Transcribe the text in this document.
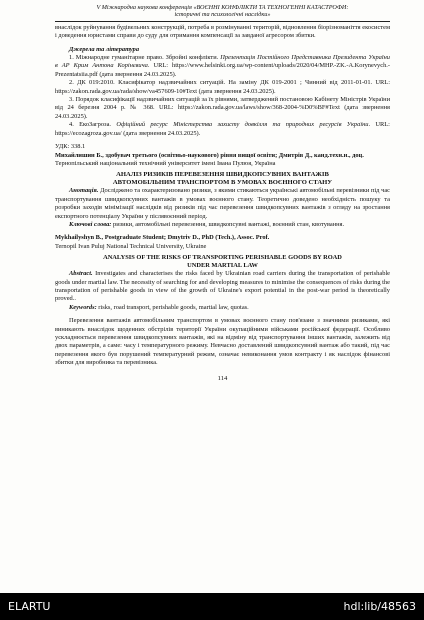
V Міжнародна наукова конференція «ВОЄННІ КОНФЛІКТИ ТА ТЕХНОГЕННІ КАТАСТРОФИ:
історичні та психологічні наслідки»

внаслідок руйнування будівельних конструкцій, потреба в розмінуванні територій, відновлення біорізноманіття екосистем і доведення юристами справи до суду для отримання компенсації за завданої агресором збитки.

Джерела та література

1. Міжнародне гуманітарне право. Збройні конфлікти. Презентація Постійного Представника Президента України в АР Крим Антона Корінєвича. URL: https://www.helsinki.org.ua/wp-content/uploads/2020/04/MHP.-ZK.-A.Korynevych.-Prezentatsiia.pdf (дата звернення 24.03.2025).

2. ДК 019:2010. Класифікатор надзвичайних ситуацій. На заміну ДК 019-2001 ; Чинний від 2011-01-01. URL: https://zakon.rada.gov.ua/rada/show/va457609-10#Text (дата звернення 24.03.2025).

3. Порядок класифікації надзвичайних ситуацій за їх рівнями, затверджений постановою Кабінету Міністрів України від 24 березня 2004 р. № 368. URL: https://zakon.rada.gov.ua/laws/show/368-2004-%D0%BF#Text (дата звернення 24.03.2025).

4. ЕкоЗагроза. Офіційний ресурс Міністерства захисту довкілля та природних ресурсів України. URL: https://ecozagroza.gov.ua/ (дата звернення 24.03.2025).

УДК: 338.1

Михайлишин Б., здобувач третього (освітньо-наукового) рівня вищої освіти; Дмитрів Д., канд.техн.н., доц.

Тернопільський національний технічний університет імені Івана Пулюя, Україна

АНАЛІЗ РИЗИКІВ ПЕРЕВЕЗЕННЯ ШВИДКОПСУВНИХ ВАНТАЖІВ
АВТОМОБІЛЬНИМ ТРАНСПОРТОМ В УМОВАХ ВОЄННОГО СТАНУ

Анотація. Досліджено та охарактеризовано ризики, з якими стикаються українські автомобільні перевізники під час транспортування швидкопсувних вантажів в умовах воєнного стану. Теоретично доведено необхідність пошуку та розробки заходів мінімізації наслідків від ризиків під час перевезення швидкопсувних вантажів з огляду на зростання експортного потенціалу України у післявоєнний період.

Ключові слова: ризики, автомобільні перевезення, швидкопсувні вантажі, воєнний стан, квотування.

Mykhailyshyn B., Postgraduate Student; Dmytriv D., PhD (Tech.), Assoc. Prof.

Ternopil Ivan Puluj National Technical University, Ukraine

ANALYSIS OF THE RISKS OF TRANSPORTING PERISHABLE GOODS BY ROAD
UNDER MARTIAL LAW

Abstract. Investigates and characterises the risks faced by Ukrainian road carriers during the transportation of perishable goods under martial law. The necessity of searching for and developing measures to minimise the consequences of risks during the transportation of perishable goods in view of the growth of Ukraine's export potential in the post-war period is theoretically proved..

Keywords: risks, road transport, perishable goods, martial law, quotas.

Перевезення вантажів автомобільним транспортом в умовах воєнного стану пов'язане з значними ризиками, які виникають внаслідок щоденних обстрілів території України окупаційними військами російської федерації. Особливо ускладнюється перевезення швидкопсувних вантажів, які на відміну від транспортування інших вантажів, залежить від двох параметрів, а саме: часу і температурного режиму. Невчасно доставлений швидкопсувний вантаж або такий, під час перевезення якого був порушений температурний режим, означає невиконання умов контракту і як наслідок фінансові збитки для виробника та перевізника.

114

ELARTU	hdl:lib/48563
